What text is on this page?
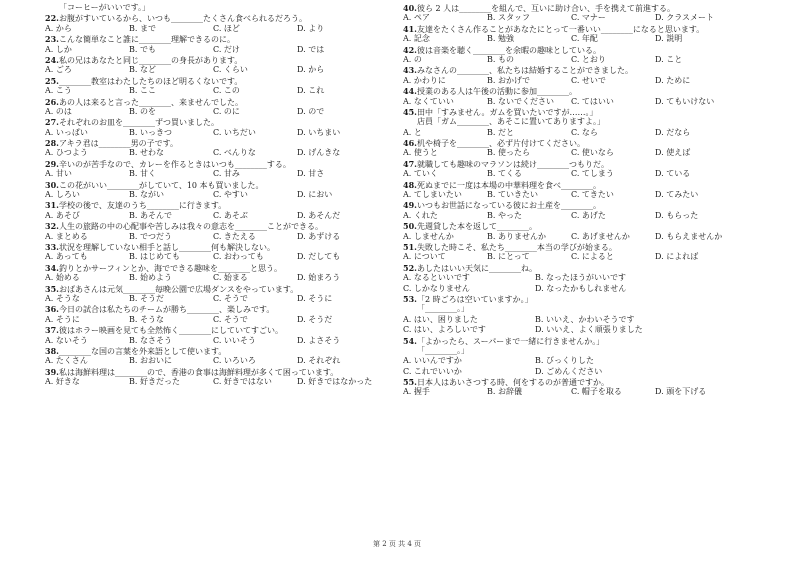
「コーヒーがいいです。」
22.お腹がすいているから、いつも________たくさん食べられるだろう。
A. から	B. まで	C. ほど	D. より
23.こんな簡単なこと誰に________理解できるのに。
A. しか	B. でも	C. だけ	D. では
24.私の兄はあなたと同じ________の身長があります。
A. ごろ	B. など	C. くらい	D. から
25.________教室はわたしたちのほど明るくないです。
A. こう	B. ここ	C. この	D. これ
26.あの人は来ると言った________、来ませんでした。
A. のは	B. のを	C. のに	D. ので
27.それぞれのお皿を________ずつ買いました。
A. いっぱい	B. いっきつ	C. いちだい	D. いちまい
28.アキラ君は________男の子です。
A. ひつよう	B. せわな	C. べんりな	D. げんきな
29.辛いのが苦手なので、カレーを作るときはいつも________する。
A. 甘い	B. 甘く	C. 甘み	D. 甘さ
30.この花がいい________がしていて、10 本も買いました。
A. しろい	B. ながい	C. やすい	D. におい
31.学校の後で、友達のうち________に行きます。
A. あそび	B. あそんで	C. あそぶ	D. あそんだ
32.人生の旅路の中の心配事や苦しみは我々の意志を________ことができる。
A. まとめる	B. でつだう	C. きたえる	D. あずける
33.状況を理解していない相手と話し________何も解決しない。
A. あっても	B. はじめても	C. おわっても	D. だしても
34.釣りとかサーフィンとか、海でできる趣味を________と思う。
A. 始める	B. 始めよう	C. 始まる	D. 始まろう
35.おばあさんは元気________毎晩公園で広場ダンスをやっています。
A. そうな	B. そうだ	C. そうで	D. そうに
36.今日の試合は私たちのチームが勝ち________、楽しみです。
A. そうに	B. そうな	C. そうで	D. そうだ
37.彼はホラー映画を見ても全然怖く________にしていてすごい。
A. ないそう	B. なさそう	C. いいそう	D. よさそう
38.________な国の言葉を外来語として使います。
A. たくさん	B. おおいに	C. いろいろ	D. それぞれ
39.私は海鮮料理は________ので、香港の食事は海鮮料理が多くて困っています。
A. 好きな	B. 好きだった	C. 好きではない	D. 好きではなかった
40.彼ら 2 人は________を組んで、互いに助け合い、手を携えて前進する。
A. ペア	B. スタッフ	C. マナー	D. クラスメート
41.友達をたくさん作ることがあなたにとって一番いい________になると思います。
A. 記念	B. 勉強	C. 年配	D. 説明
42.彼は音楽を聴く________を余暇の趣味としている。
A. の	B. もの	C. とおり	D. こと
43.みなさんの________、私たちは結婚することができました。
A. かわりに	B. おかげで	C. せいで	D. ために
44.授業のある人は午後の活動に参加________。
A. なくていい	B. ないでください	C. てはいい	D. てもいけない
45.田中「すみません。ガムを買いたいですが……。」
店員「ガム________、あそこに置いてありますよ。」
A. と	B. だと	C. なら	D. だなら
46.机や椅子を________、必ず片付けてください。
A. 使うと	B. 使ったら	C. 使いなら	D. 使えば
47.就職しても趣味のマラソンは続け________つもりだ。
A. ていく	B. てくる	C. てしまう	D. ている
48.死ぬまでに一度は本場の中華料理を食べ________。
A. てしまいたい	B. ていきたい	C. てきたい	D. てみたい
49.いつもお世話になっている彼にお土産を________。
A. くれた	B. やった	C. あげた	D. もらった
50.先週貸した本を返して________。
A. しませんか	B. ありませんか	C. あげませんか	D. もらえませんか
51.失敗した時こそ、私たち________本当の学びが始まる。
A. について	B. にとって	C. によると	D. によれば
52.あしたはいい天気に________ね。
A. なるといいです	B. なったほうがいいです
C. しかなりません	D. なったかもしれません
53.「2 時ごろは空いていますか。」
「________。」
A. はい、困りました	B. いいえ、かわいそうです
C. はい、よろしいです	D. いいえ、よく頑張りました
54.「よかったら、スーパーまで一緒に行きませんか。」
「________。」
A. いいんですか	B. びっくりした
C. これでいいか	D. ごめんください
55.日本人はあいさつする時、何をするのが普通ですか。
A. 握手	B. お辞儀	C. 帽子を取る	D. 頭を下げる
第 2 页 共 4 页
